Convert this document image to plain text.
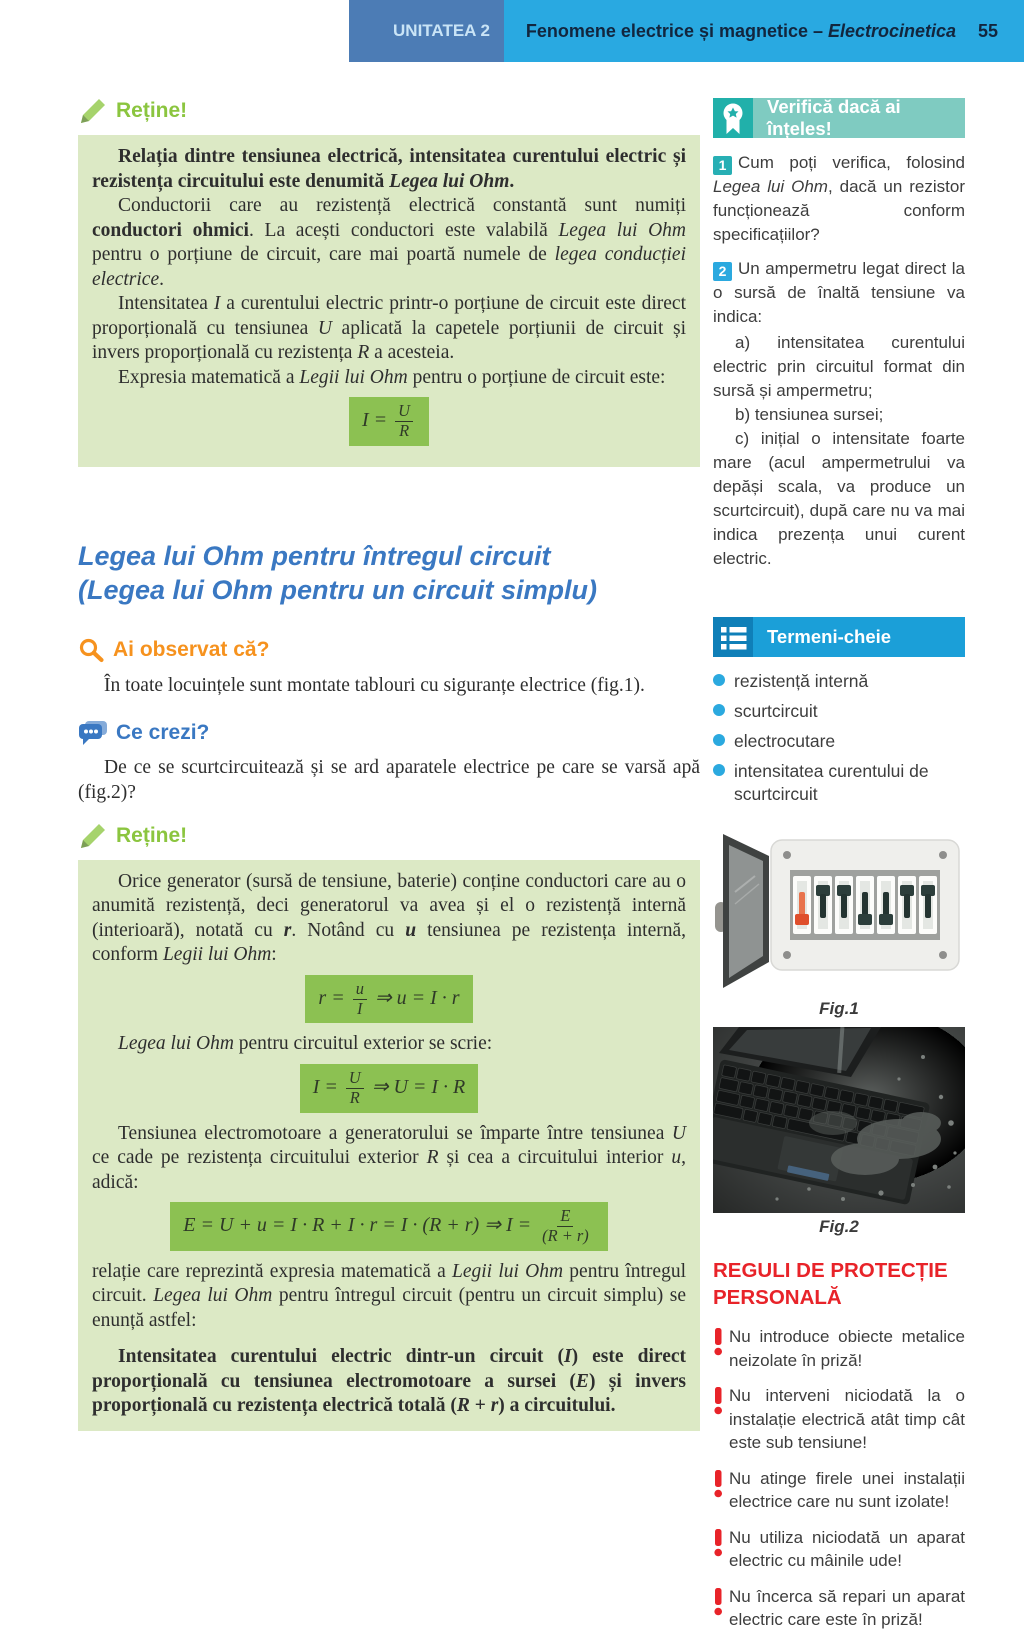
UNITATEA 2	Fenomene electrice și magnetice – Electrocinetica	55
Reține!

Relația dintre tensiunea electrică, intensitatea curentului electric și rezistența circuitului este denumită Legea lui Ohm.

Conductorii care au rezistență electrică constantă sunt numiți conductori ohmici. La acești conductori este valabilă Legea lui Ohm pentru o porțiune de circuit, care mai poartă numele de legea conducției electrice.

Intensitatea I a curentului electric printr-o porțiune de circuit este direct proporțională cu tensiunea U aplicată la capetele porțiunii de circuit și invers proporțională cu rezistența R a acesteia.

Expresia matematică a Legii lui Ohm pentru o porțiune de circuit este:

$I = \frac{U}{R}$
Legea lui Ohm pentru întregul circuit
(Legea lui Ohm pentru un circuit simplu)
Ai observat că?

În toate locuințele sunt montate tablouri cu siguranțe electrice (fig.1).

Ce crezi?

De ce se scurtcircuitează și se ard aparatele electrice pe care se varsă apă (fig.2)?

Reține!

Orice generator (sursă de tensiune, baterie) conține conductori care au o anumită rezistență, deci generatorul va avea și el o rezistență internă (interioară), notată cu r. Notând cu u tensiunea pe rezistența internă, conform Legii lui Ohm:

$r = \frac{u}{I}$ ⇒ u = I · r

Legea lui Ohm pentru circuitul exterior se scrie:

$I = \frac{U}{R}$ ⇒ U = I · R

Tensiunea electromotoare a generatorului se împarte între tensiunea U ce cade pe rezistența circuitului exterior R și cea a circuitului interior u, adică:

E = U + u = I · R + I · r = I · (R + r) ⇒ $I = \frac{E}{(R + r)}$

relație care reprezintă expresia matematică a Legii lui Ohm pentru întregul circuit. Legea lui Ohm pentru întregul circuit (pentru un circuit simplu) se enunță astfel:

Intensitatea curentului electric dintr-un circuit (I) este direct proporțională cu tensiunea electromotoare a sursei (E) și invers proporțională cu rezistența electrică totală (R + r) a circuitului.

Verifică dacă ai înțeles!

1 Cum poți verifica, folosind Legea lui Ohm, dacă un rezistor funcționează conform specificațiilor?

2 Un ampermetru legat direct la o sursă de înaltă tensiune va indica:

a) intensitatea curentului electric prin circuitul format din sursă și ampermetru;

b) tensiunea sursei;

c) inițial o intensitate foarte mare (acul ampermetrului va depăși scala, va produce un scurtcircuit), după care nu va mai indica prezența unui curent electric.

Termeni-cheie
rezistență internă
scurtcircuit
electrocutare
intensitatea curentului de scurtcircuit
Fig.1
Fig.2
REGULI DE PROTECȚIE PERSONALĂ
Nu introduce obiecte metalice neizolate în priză!
Nu interveni niciodată la o instalație electrică atât timp cât este sub tensiune!
Nu atinge firele unei instalații electrice care nu sunt izolate!
Nu utiliza niciodată un aparat electric cu mâinile ude!
Nu încerca să repari un aparat electric care este în priză!
